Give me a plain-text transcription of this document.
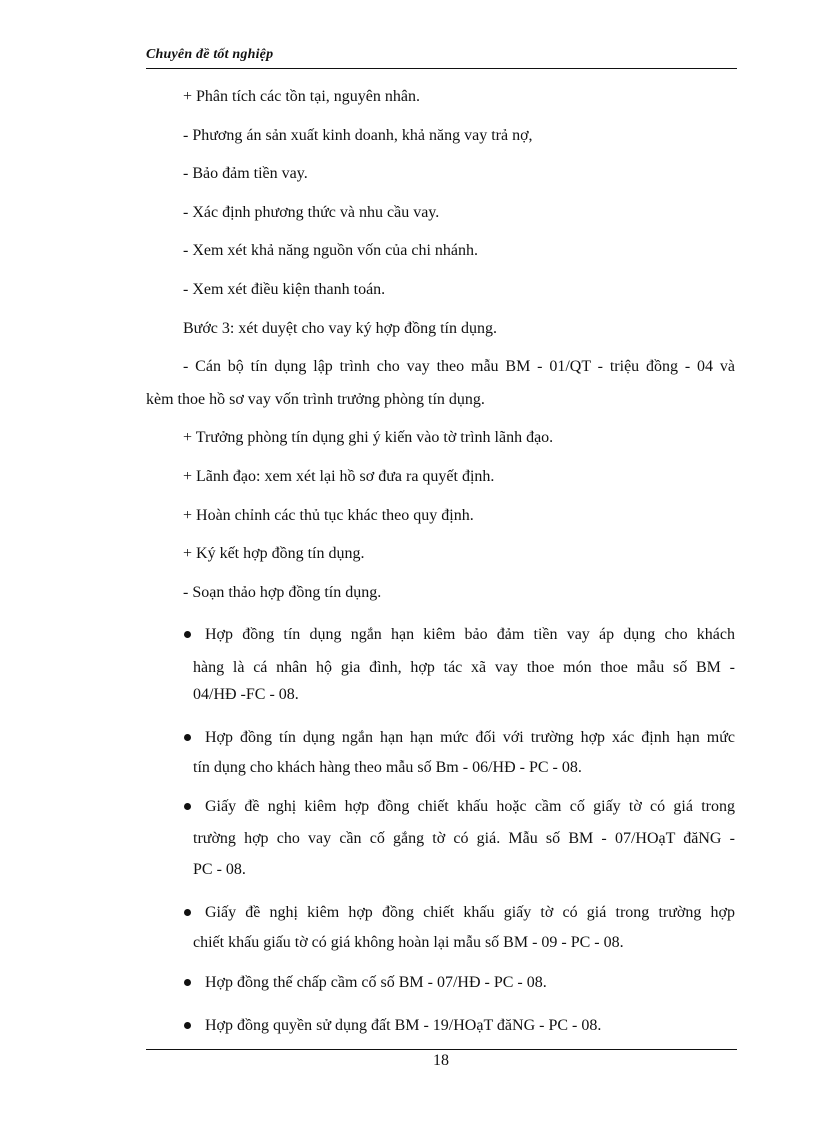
Chuyên đề tốt nghiệp
+ Phân tích các tồn tại, nguyên nhân.
- Phương án sản xuất kinh doanh, khả năng vay trả nợ,
- Bảo đảm tiền vay.
- Xác định phương thức và nhu cầu vay.
- Xem xét khả năng nguồn vốn của chi nhánh.
- Xem xét điều kiện thanh toán.
Bước 3: xét duyệt cho vay ký hợp đồng tín dụng.
- Cán bộ tín dụng lập trình cho vay theo mẫu BM - 01/QT - triệu đồng - 04 và
kèm thoe hồ sơ vay vốn trình trưởng phòng tín dụng.
+ Trưởng phòng tín dụng ghi ý kiến vào tờ trình lãnh đạo.
+ Lãnh đạo: xem xét lại hồ sơ đưa ra quyết định.
+ Hoàn chỉnh các thủ tục khác theo quy định.
+ Ký kết hợp đồng tín dụng.
- Soạn thảo hợp đồng tín dụng.
Hợp đồng tín dụng ngắn hạn kiêm bảo đảm tiền vay áp dụng cho khách
hàng là cá nhân hộ gia đình, hợp tác xã vay thoe món thoe mẫu số BM -
04/HĐ -FC - 08.
Hợp đồng tín dụng ngắn hạn hạn mức đối với trường hợp xác định hạn mức
tín dụng cho khách hàng theo mẫu số Bm - 06/HĐ - PC - 08.
Giấy đề nghị kiêm hợp đồng chiết khấu hoặc cầm cố giấy tờ có giá trong
trường hợp cho vay cần cố gắng tờ có giá. Mẫu số BM - 07/HOạT đăNG -
PC - 08.
Giấy đề nghị kiêm hợp đồng chiết khấu giấy tờ có giá trong trường hợp
chiết khấu giấu tờ có giá không hoàn lại mẫu số BM - 09 - PC - 08.
Hợp đồng thế chấp cầm cố số BM - 07/HĐ - PC - 08.
Hợp đồng quyền sử dụng đất BM - 19/HOạT đăNG - PC - 08.
18
